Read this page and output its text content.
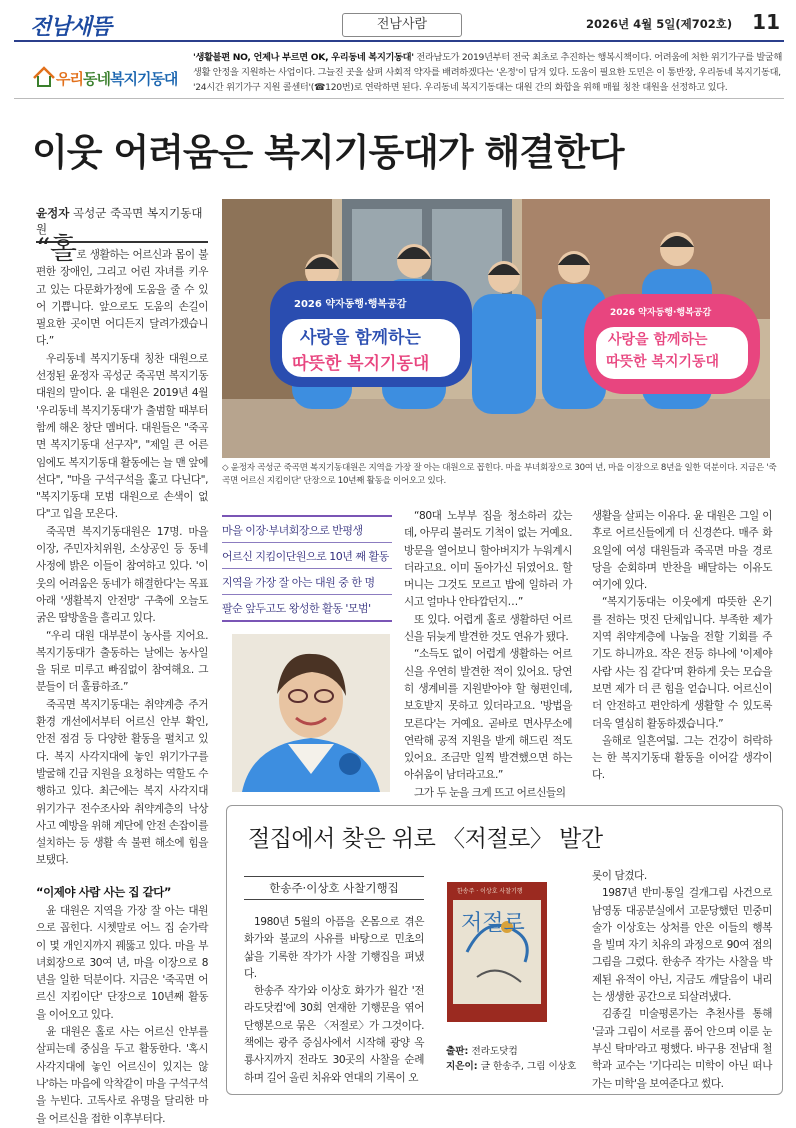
전남새뜸	전남사람	2026년 4월 5일(제702호) 11
우리동네복지기동대
'생활불편 NO, 언제나 부르면 OK, 우리동네 복지기동대' 전라남도가 2019년부터 전국 최초로 추진하는 행복시책이다. 어려움에 처한 위기가구를 발굴해 생활 안정을 지원하는 사업이다. 그늘진 곳을 살펴 사회적 약자를 배려하겠다는 '온정'이 담겨 있다. 도움이 필요한 도민은 이 통반장, 우리동네 복지기동대, '24시간 위기가구 지원 콜센터'(☎120번)로 연락하면 된다. 우리동네 복지기동대는 대원 간의 화합을 위해 매월 칭찬 대원을 선정하고 있다.
이웃 어려움은 복지기동대가 해결한다
윤정자 곡성군 죽곡면 복지기동대원
2026 약자동행·행복공감
사랑을 함께하는
따뜻한 복지기동대
2026 약자동행·행복공감
사랑을 함께하는
따뜻한 복지기동대
◇ 윤정자 곡성군 죽곡면 복지기동대원은 지역을 가장 잘 아는 대원으로 꼽힌다. 마을 부녀회장으로 30여 년, 마을 이장으로 8년을 일한 덕분이다. 지금은 '죽곡면 어르신 지킴이단' 단장으로 10년째 활동을 이어오고 있다.

“홀로 생활하는 어르신과 몸이 불편한 장애인, 그리고 어린 자녀를 키우고 있는 다문화가정에 도움을 줄 수 있어 기쁩니다. 앞으로도 도움의 손길이 필요한 곳이면 어디든지 달려가겠습니다.”

우리동네 복지기동대 칭찬 대원으로 선정된 윤정자 곡성군 죽곡면 복지기동대원의 말이다. 윤 대원은 2019년 4월 '우리동네 복지기동대'가 출범할 때부터 함께 해온 창단 멤버다. 대원들은 "죽곡면 복지기동대 선구자", "제일 큰 어른임에도 복지기동대 활동에는 늘 맨 앞에 선다", "마을 구석구석을 훑고 다닌다", "복지기동대 모범 대원으로 손색이 없다"고 입을 모은다.

죽곡면 복지기동대원은 17명. 마을 이장, 주민자치위원, 소상공인 등 동네 사정에 밝은 이들이 참여하고 있다. '이웃의 어려움은 동네가 해결한다'는 목표 아래 '생활복지 안전망' 구축에 오늘도 굵은 땀방울을 흘리고 있다.

“우리 대원 대부분이 농사를 지어요. 복지기동대가 출동하는 날에는 농사일을 뒤로 미루고 빠짐없이 참여해요. 그분들이 더 훌륭하죠.”

죽곡면 복지기동대는 취약계층 주거환경 개선에서부터 어르신 안부 확인, 안전 점검 등 다양한 활동을 펼치고 있다. 복지 사각지대에 놓인 위기가구를 발굴해 긴급 지원을 요청하는 역할도 수행하고 있다. 최근에는 복지 사각지대 위기가구 전수조사와 취약계층의 낙상사고 예방을 위해 계단에 안전 손잡이를 설치하는 등 생활 속 불편 해소에 힘을 보탰다.

“이제야 사람 사는 집 같다”

윤 대원은 지역을 가장 잘 아는 대원으로 꼽힌다. 시쳇말로 어느 집 숟가락이 몇 개인지까지 꿰뚫고 있다. 마을 부녀회장으로 30여 년, 마을 이장으로 8년을 일한 덕분이다. 지금은 '죽곡면 어르신 지킴이단' 단장으로 10년째 활동을 이어오고 있다.

윤 대원은 홀로 사는 어르신 안부를 살피는데 중심을 두고 활동한다. '혹시 사각지대에 놓인 어르신이 있지는 않나'하는 마음에 악착같이 마을 구석구석을 누빈다. 고독사로 유명을 달리한 마을 어르신을 접한 이후부터다.

마을 이장·부녀회장으로 반평생
어르신 지킴이단원으로 10년 째 활동
지역을 가장 잘 아는 대원 중 한 명
팔순 앞두고도 왕성한 활동 '모범'

“80대 노부부 집을 청소하러 갔는데, 아무리 불러도 기척이 없는 거예요. 방문을 열어보니 할아버지가 누워계시더라고요. 이미 돌아가신 뒤였어요. 할머니는 그것도 모르고 밥에 일하러 가시고 얼마나 안타깝던지…”

또 있다. 어렵게 홀로 생활하던 어르신을 뒤늦게 발견한 것도 연유가 됐다.

“소득도 없이 어렵게 생활하는 어르신을 우연히 발견한 적이 있어요. 당연히 생계비를 지원받아야 할 형편인데, 보호받지 못하고 있더라고요. '방법을 모른다'는 거예요. 곧바로 면사무소에 연락해 공적 지원을 받게 해드린 적도 있어요. 조금만 일찍 발견했으면 하는 아쉬움이 남더라고요.”

그가 두 눈을 크게 뜨고 어르신들의

생활을 살피는 이유다. 윤 대원은 그일 이후로 어르신들에게 더 신경쓴다. 매주 화요일에 여성 대원들과 죽곡면 마을 경로당을 순회하며 반찬을 배달하는 이유도 여기에 있다.

“복지기동대는 이웃에게 따뜻한 온기를 전하는 멋진 단체입니다. 부족한 제가 지역 취약계층에 나눔을 전할 기회를 주기도 하니까요. 작은 전등 하나에 '이제야 사람 사는 집 같다'며 환하게 웃는 모습을 보면 제가 더 큰 힘을 얻습니다. 어르신이 더 안전하고 편안하게 생활할 수 있도록 더욱 열심히 활동하겠습니다.”

올해로 일흔여덟. 그는 건강이 허락하는 한 복지기동대 활동을 이어갈 생각이다.

절집에서 찾은 위로 〈저절로〉 발간
한송주·이상호 사찰기행집

1980년 5월의 아픔을 온몸으로 겪은 화가와 불교의 사유를 바탕으로 민초의 삶을 기록한 작가가 사찰 기행집을 펴냈다.

한송주 작가와 이상호 화가가 월간 '전라도닷컴'에 30회 연재한 기행문을 엮어 단행본으로 묶은 〈저절로〉가 그것이다. 책에는 광주 증심사에서 시작해 광양 옥룡사지까지 전라도 30곳의 사찰을 순례하며 길어 올린 치유와 연대의 기록이 오

한송주 · 이상호 사찰기행
저절로
출판: 전라도닷컴
지은이: 글 한송주, 그림 이상호

롯이 담겼다.

1987년 반미·통일 걸개그림 사건으로 남영동 대공분실에서 고문당했던 민중미술가 이상호는 상처를 안은 이들의 행복을 빌며 자기 치유의 과정으로 90여 점의 그림을 그렸다. 한송주 작가는 사찰을 박제된 유적이 아닌, 지금도 깨달음이 내리는 생생한 공간으로 되살려냈다.

김종길 미술평론가는 추천사를 통해 '글과 그림이 서로를 품어 안으며 이룬 눈부신 탁마'라고 평했다. 바구용 전남대 철학과 교수는 '기다리는 미학이 아닌 떠나가는 미학'을 보여준다고 썼다.
